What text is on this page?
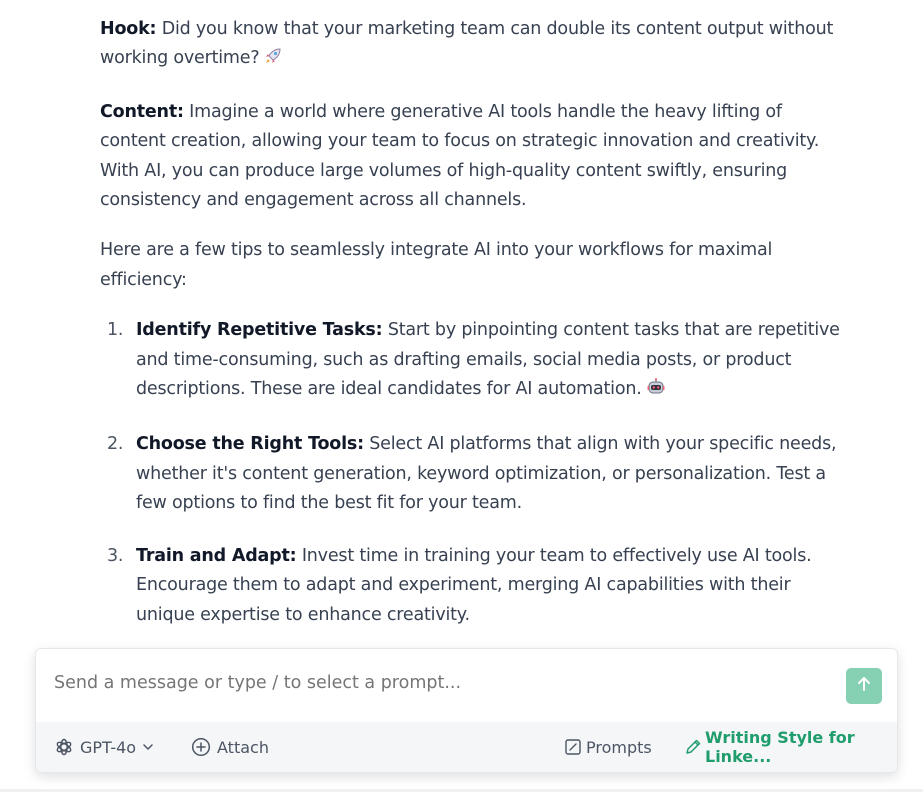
Hook: Did you know that your marketing team can double its content output without working overtime?

Content: Imagine a world where generative AI tools handle the heavy lifting of content creation, allowing your team to focus on strategic innovation and creativity. With AI, you can produce large volumes of high-quality content swiftly, ensuring consistency and engagement across all channels.

Here are a few tips to seamlessly integrate AI into your workflows for maximal efficiency:

1. Identify Repetitive Tasks: Start by pinpointing content tasks that are repetitive and time-consuming, such as drafting emails, social media posts, or product descriptions. These are ideal candidates for AI automation.
2. Choose the Right Tools: Select AI platforms that align with your specific needs, whether it's content generation, keyword optimization, or personalization. Test a few options to find the best fit for your team.
3. Train and Adapt: Invest time in training your team to effectively use AI tools. Encourage them to adapt and experiment, merging AI capabilities with their unique expertise to enhance creativity.
Send a message or type / to select a prompt...
GPT-4o	Attach	Prompts	Writing Style for Linke...
